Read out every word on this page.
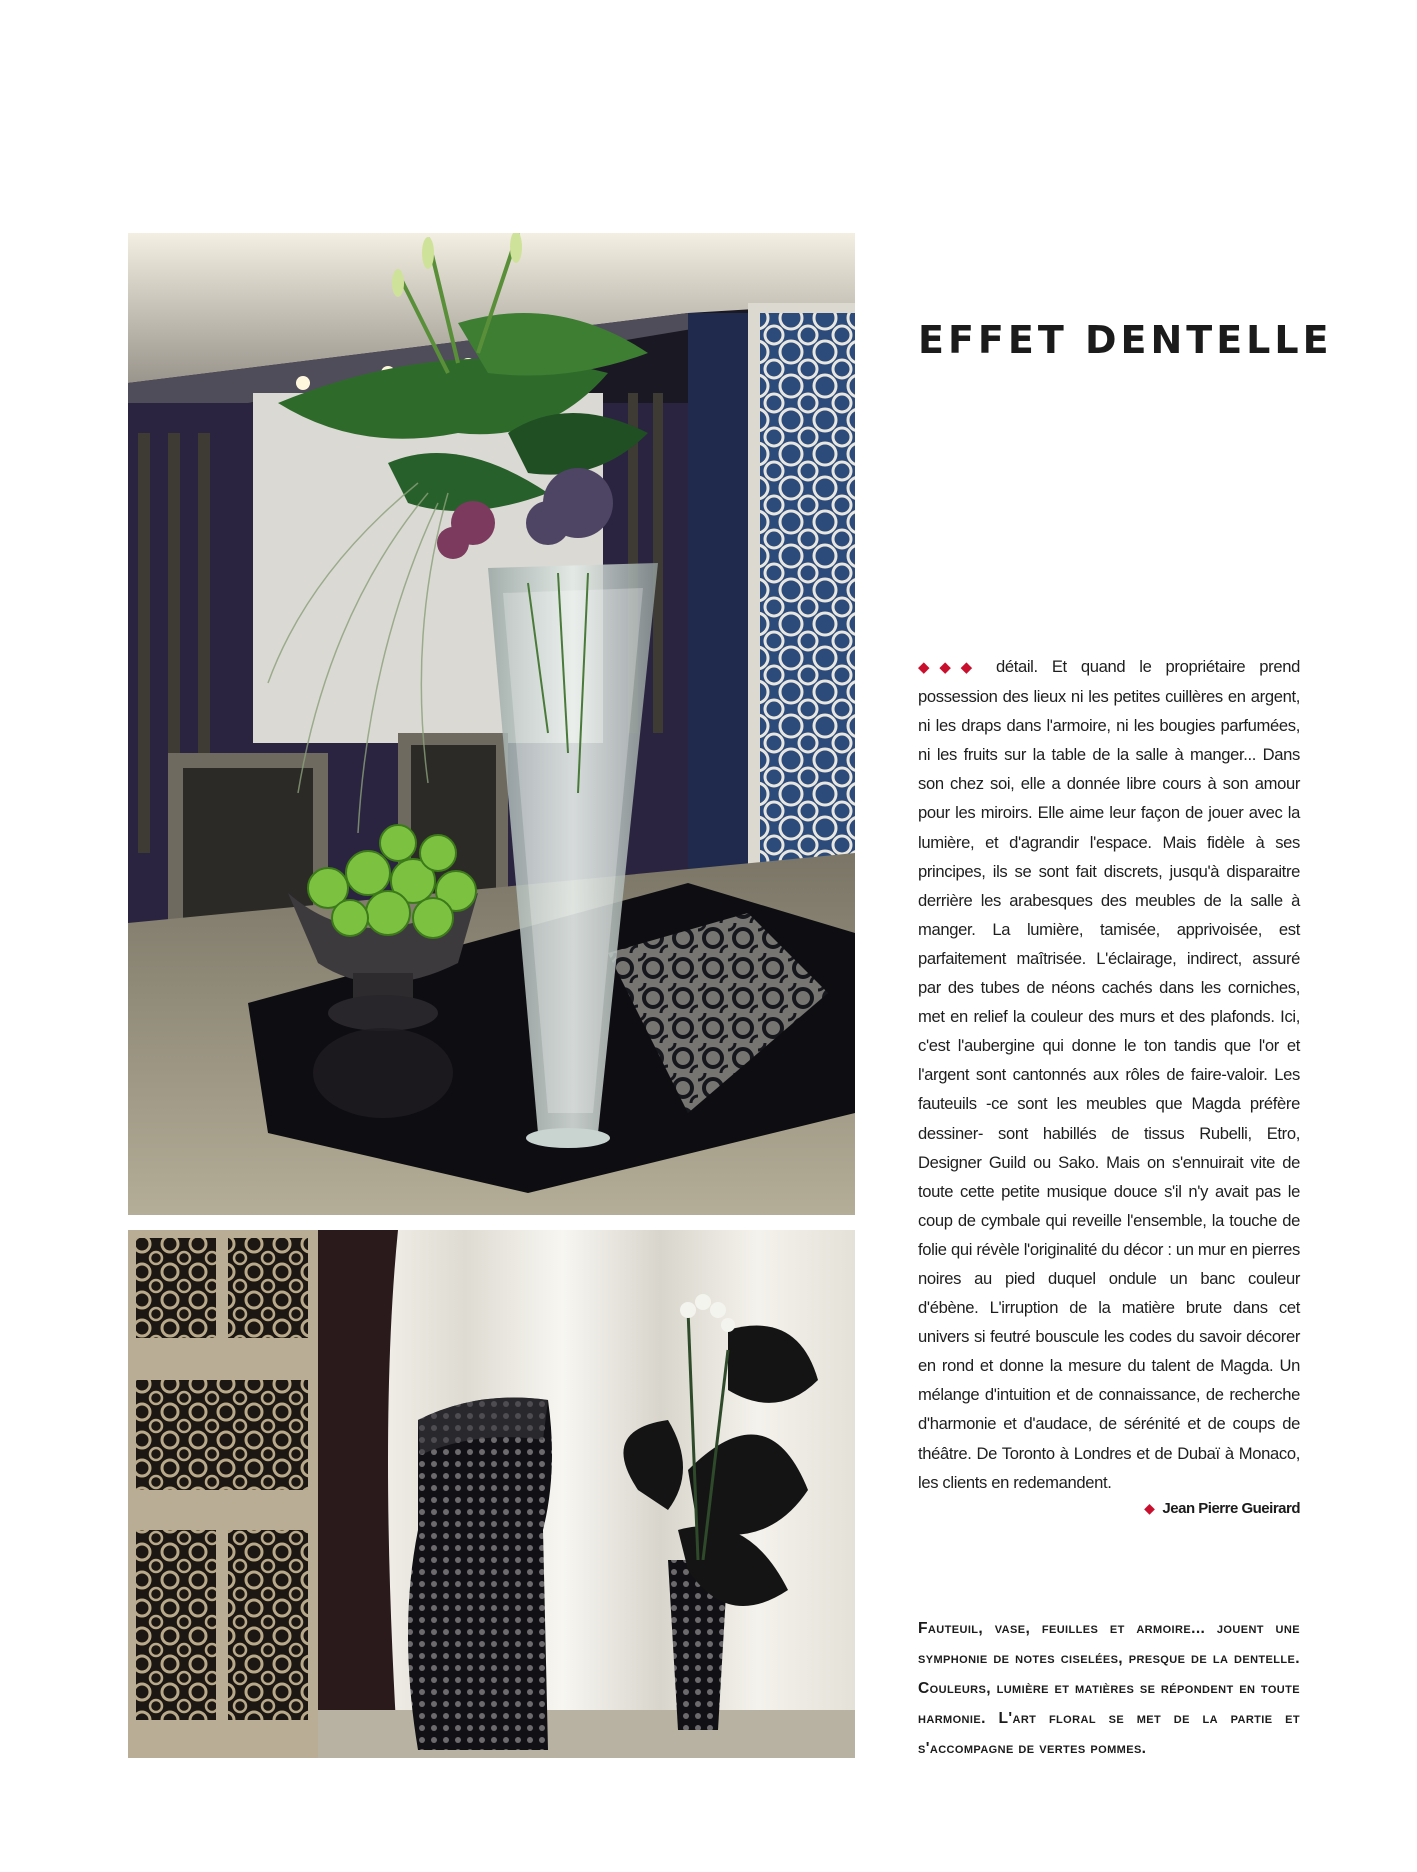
EFFET DENTELLE
◆◆◆ détail. Et quand le propriétaire prend possession des lieux ni les petites cuillères en argent, ni les draps dans l'armoire, ni les bougies parfumées, ni les fruits sur la table de la salle à manger... Dans son chez soi, elle a donnée libre cours à son amour pour les miroirs. Elle aime leur façon de jouer avec la lumière, et d'agrandir l'espace. Mais fidèle à ses principes, ils se sont fait discrets, jusqu'à disparaitre derrière les arabesques des meubles de la salle à manger. La lumière, tamisée, apprivoisée, est parfaitement maîtrisée. L'éclairage, indirect, assuré par des tubes de néons cachés dans les corniches, met en relief la couleur des murs et des plafonds. Ici, c'est l'aubergine qui donne le ton tandis que l'or et l'argent sont cantonnés aux rôles de faire-valoir. Les fauteuils -ce sont les meubles que Magda préfère dessiner- sont habillés de tissus Rubelli, Etro, Designer Guild ou Sako. Mais on s'ennuirait vite de toute cette petite musique douce s'il n'y avait pas le coup de cymbale qui reveille l'ensemble, la touche de folie qui révèle l'originalité du décor : un mur en pierres noires au pied duquel ondule un banc couleur d'ébène. L'irruption de la matière brute dans cet univers si feutré bouscule les codes du savoir décorer en rond et donne la mesure du talent de Magda. Un mélange d'intuition et de connaissance, de recherche d'harmonie et d'audace, de sérénité et de coups de théâtre. De Toronto à Londres et de Dubaï à Monaco, les clients en redemandent.
◆ Jean Pierre Gueirard
Fauteuil, vase, feuilles et armoire... jouent une symphonie de notes ciselées, presque de la dentelle. Couleurs, lumière et matières se répondent en toute harmonie. L'art floral se met de la partie et s'accompagne de vertes pommes.
